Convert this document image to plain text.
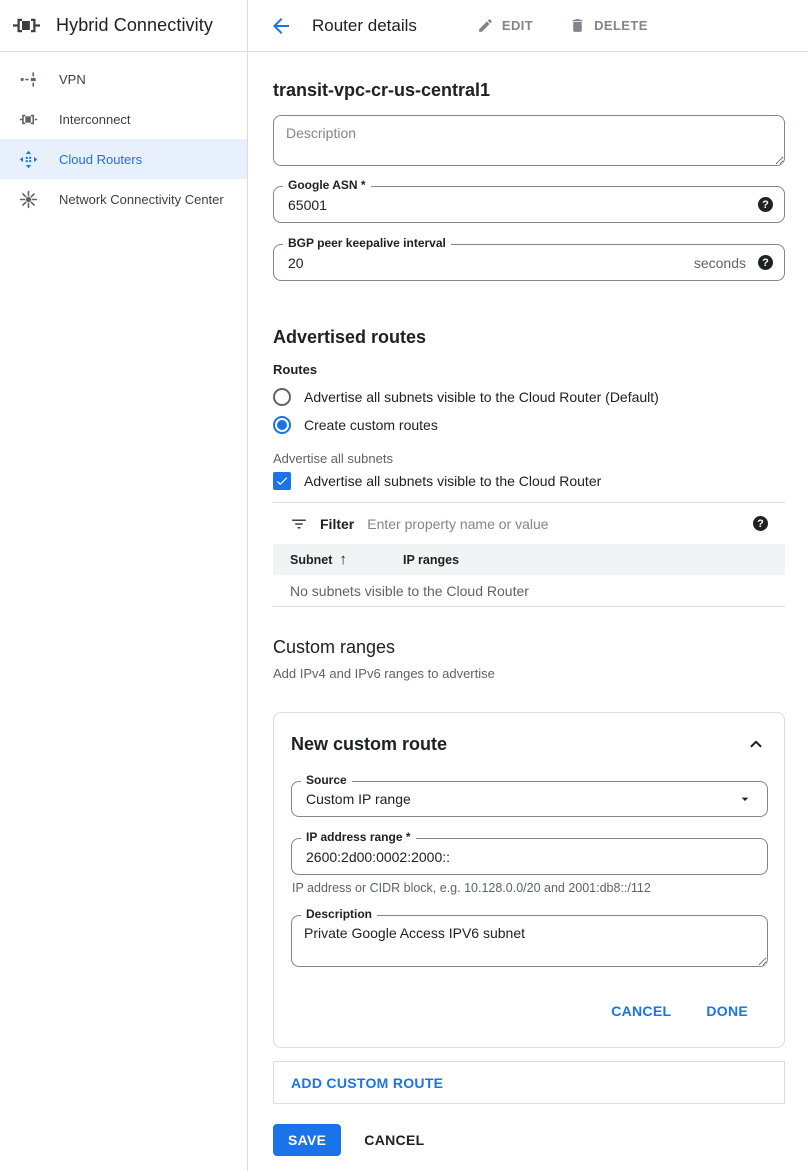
Hybrid Connectivity
VPN
Interconnect
Cloud Routers
Network Connectivity Center
Router details	EDIT	DELETE
transit-vpc-cr-us-central1
Description
Google ASN *
65001
?
BGP peer keepalive interval
20
seconds
?
Advertised routes
Routes
Advertise all subnets visible to the Cloud Router (Default)
Create custom routes
Advertise all subnets
Advertise all subnets visible to the Cloud Router
Filter
Enter property name or value
?
Subnet ↑	IP ranges
No subnets visible to the Cloud Router
Custom ranges
Add IPv4 and IPv6 ranges to advertise
New custom route
Source
Custom IP range
IP address range *
2600:2d00:0002:2000::
IP address or CIDR block, e.g. 10.128.0.0/20 and 2001:db8::/112
Description
Private Google Access IPV6 subnet
CANCEL	DONE
ADD CUSTOM ROUTE
SAVE	CANCEL
